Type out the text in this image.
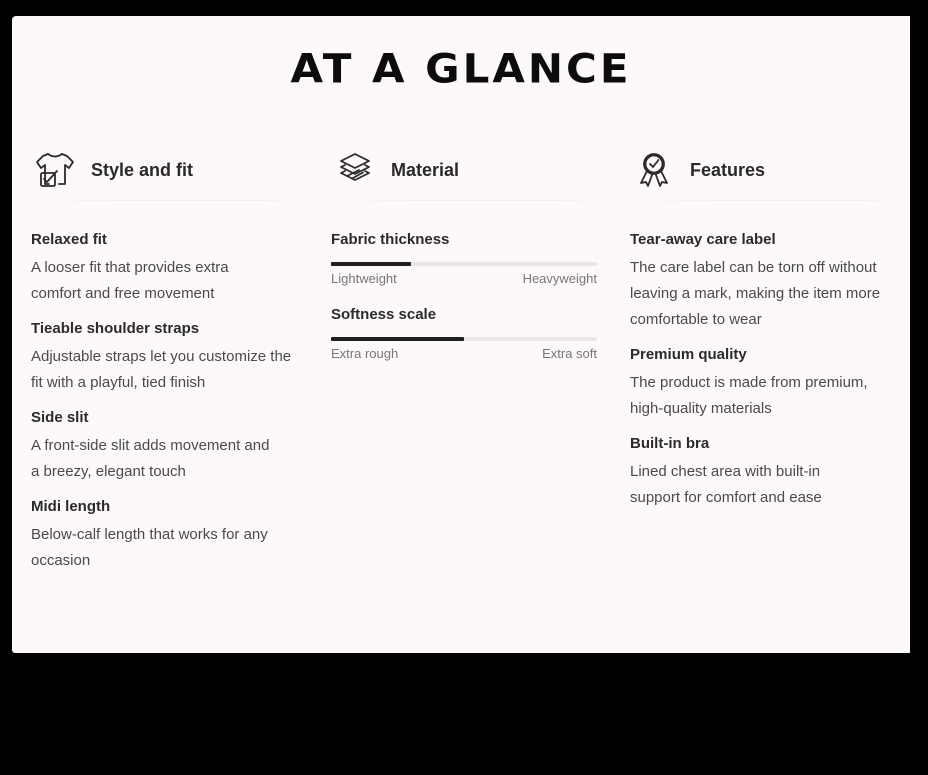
AT A GLANCE
Style and fit
Relaxed fit
A looser fit that provides extra comfort and free movement
Tieable shoulder straps
Adjustable straps let you customize the fit with a playful, tied finish
Side slit
A front-side slit adds movement and a breezy, elegant touch
Midi length
Below-calf length that works for any occasion
Material
Fabric thickness
Lightweight	Heavyweight
Softness scale
Extra rough	Extra soft
Features
Tear-away care label
The care label can be torn off without leaving a mark, making the item more comfortable to wear
Premium quality
The product is made from premium, high-quality materials
Built-in bra
Lined chest area with built-in support for comfort and ease
